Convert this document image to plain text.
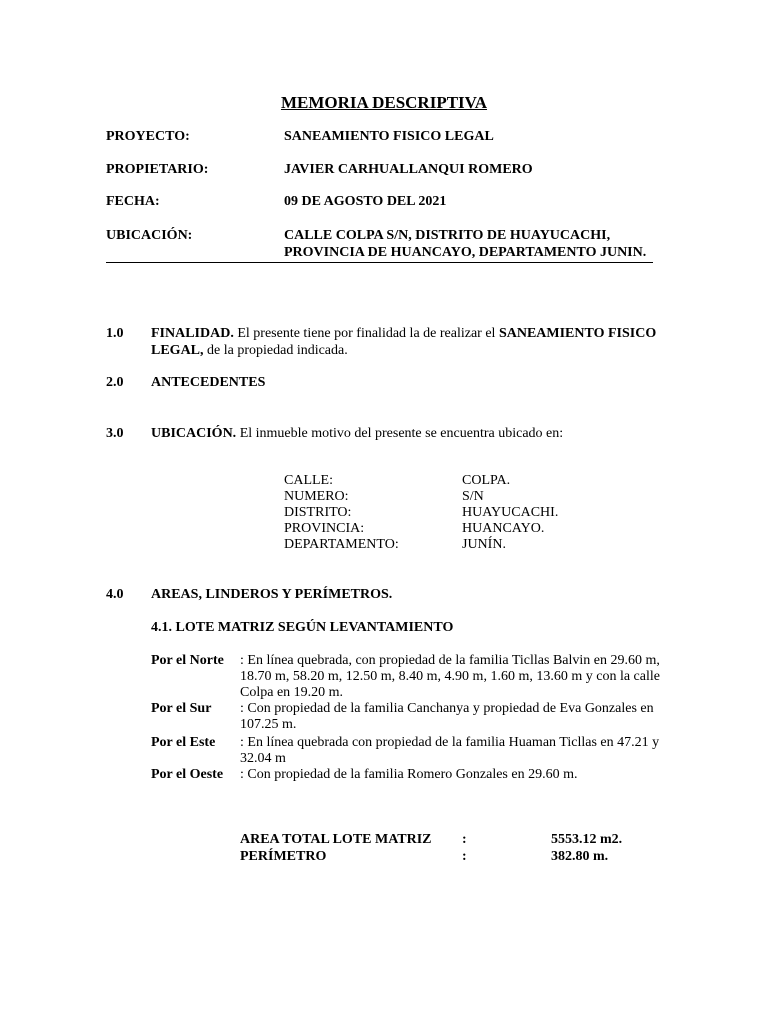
MEMORIA DESCRIPTIVA
PROYECTO:	SANEAMIENTO FISICO LEGAL
PROPIETARIO:	JAVIER CARHUALLANQUI ROMERO
FECHA:	09 DE AGOSTO DEL 2021
UBICACIÓN:	CALLE COLPA S/N, DISTRITO DE HUAYUCACHI,
PROVINCIA DE HUANCAYO, DEPARTAMENTO JUNIN.
1.0 FINALIDAD. El presente tiene por finalidad la de realizar el SANEAMIENTO FISICO
LEGAL, de la propiedad indicada.
2.0 ANTECEDENTES
3.0 UBICACIÓN. El inmueble motivo del presente se encuentra ubicado en:
CALLE:	COLPA.
NUMERO:	S/N
DISTRITO:	HUAYUCACHI.
PROVINCIA:	HUANCAYO.
DEPARTAMENTO:	JUNÍN.
4.0 AREAS, LINDEROS Y PERÍMETROS.
4.1. LOTE MATRIZ SEGÚN LEVANTAMIENTO
Por el Norte : En línea quebrada, con propiedad de la familia Ticllas Balvin en 29.60 m, 18.70 m, 58.20 m, 12.50 m, 8.40 m, 4.90 m, 1.60 m, 13.60 m y con la calle Colpa en 19.20 m.
Por el Sur : Con propiedad de la familia Canchanya y propiedad de Eva Gonzales en 107.25 m.
Por el Este : En línea quebrada con propiedad de la familia Huaman Ticllas en 47.21 y 32.04 m
Por el Oeste : Con propiedad de la familia Romero Gonzales en 29.60 m.
AREA TOTAL LOTE MATRIZ :	5553.12 m2.
PERÍMETRO	:	382.80 m.
